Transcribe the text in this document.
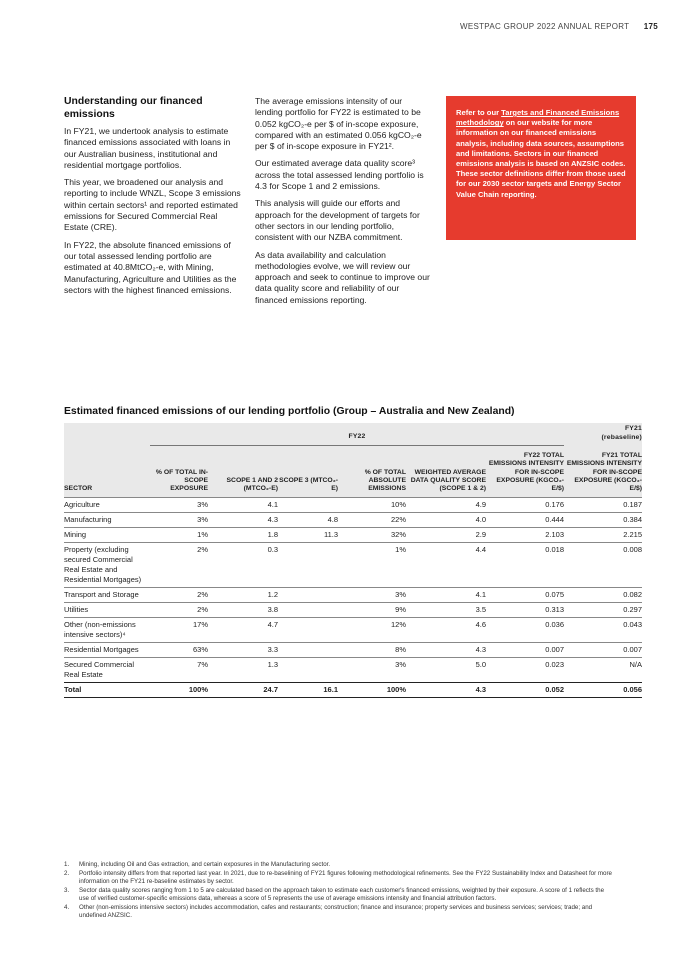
WESTPAC GROUP 2022 ANNUAL REPORT 175
Understanding our financed emissions

In FY21, we undertook analysis to estimate financed emissions associated with loans in our Australian business, institutional and residential mortgage portfolios.

This year, we broadened our analysis and reporting to include WNZL, Scope 3 emissions within certain sectors¹ and reported estimated emissions for Secured Commercial Real Estate (CRE).

In FY22, the absolute financed emissions of our total assessed lending portfolio are estimated at 40.8MtCO₂-e, with Mining, Manufacturing, Agriculture and Utilities as the sectors with the highest financed emissions.

The average emissions intensity of our lending portfolio for FY22 is estimated to be 0.052 kgCO₂-e per $ of in-scope exposure, compared with an estimated 0.056 kgCO₂-e per $ of in-scope exposure in FY21².

Our estimated average data quality score³ across the total assessed lending portfolio is 4.3 for Scope 1 and 2 emissions.

This analysis will guide our efforts and approach for the development of targets for other sectors in our lending portfolio, consistent with our NZBA commitment.

As data availability and calculation methodologies evolve, we will review our approach and seek to continue to improve our data quality score and reliability of our financed emissions reporting.

Refer to our Targets and Financed Emissions methodology on our website for more information on our financed emissions analysis, including data sources, assumptions and limitations. Sectors in our financed emissions analysis is based on ANZSIC codes. These sector definitions differ from those used for our 2030 sector targets and Energy Sector Value Chain reporting.
Estimated financed emissions of our lending portfolio (Group – Australia and New Zealand)
	FY22						FY21
(rebaseline)

SECTOR	% OF TOTAL IN-SCOPE EXPOSURE	SCOPE 1 AND 2 (MTCO₂-E)	SCOPE 3 (MTCO₂-E)	% OF TOTAL ABSOLUTE EMISSIONS	WEIGHTED AVERAGE DATA QUALITY SCORE (SCOPE 1 & 2)	FY22 TOTAL EMISSIONS INTENSITY FOR IN-SCOPE EXPOSURE (KGCO₂-E/$)	FY21 TOTAL EMISSIONS INTENSITY FOR IN-SCOPE EXPOSURE (KGCO₂-E/$)
Agriculture	3%	4.1		10%	4.9	0.176	0.187
Manufacturing	3%	4.3	4.8	22%	4.0	0.444	0.384
Mining	1%	1.8	11.3	32%	2.9	2.103	2.215
Property (excluding secured Commercial Real Estate and Residential Mortgages)	2%	0.3		1%	4.4	0.018	0.008
Transport and Storage	2%	1.2		3%	4.1	0.075	0.082
Utilities	2%	3.8		9%	3.5	0.313	0.297
Other (non-emissions intensive sectors)⁴	17%	4.7		12%	4.6	0.036	0.043
Residential Mortgages	63%	3.3		8%	4.3	0.007	0.007
Secured Commercial Real Estate	7%	1.3		3%	5.0	0.023	N/A
Total	100%	24.7	16.1	100%	4.3	0.052	0.056
1.	Mining, including Oil and Gas extraction, and certain exposures in the Manufacturing sector.
2.	Portfolio intensity differs from that reported last year. In 2021, due to re-baselining of FY21 figures following methodological refinements. See the FY22 Sustainability Index and Datasheet for more information on the FY21 re-baseline estimates by sector.
3.	Sector data quality scores ranging from 1 to 5 are calculated based on the approach taken to estimate each customer's financed emissions, weighted by their exposure. A score of 1 reflects the use of verified customer-specific emissions data, whereas a score of 5 represents the use of average emissions intensity and financial attribution factors.
4.	Other (non-emissions intensive sectors) includes accommodation, cafes and restaurants; construction; finance and insurance; property services and business services; services; trade; and undefined ANZSIC.
